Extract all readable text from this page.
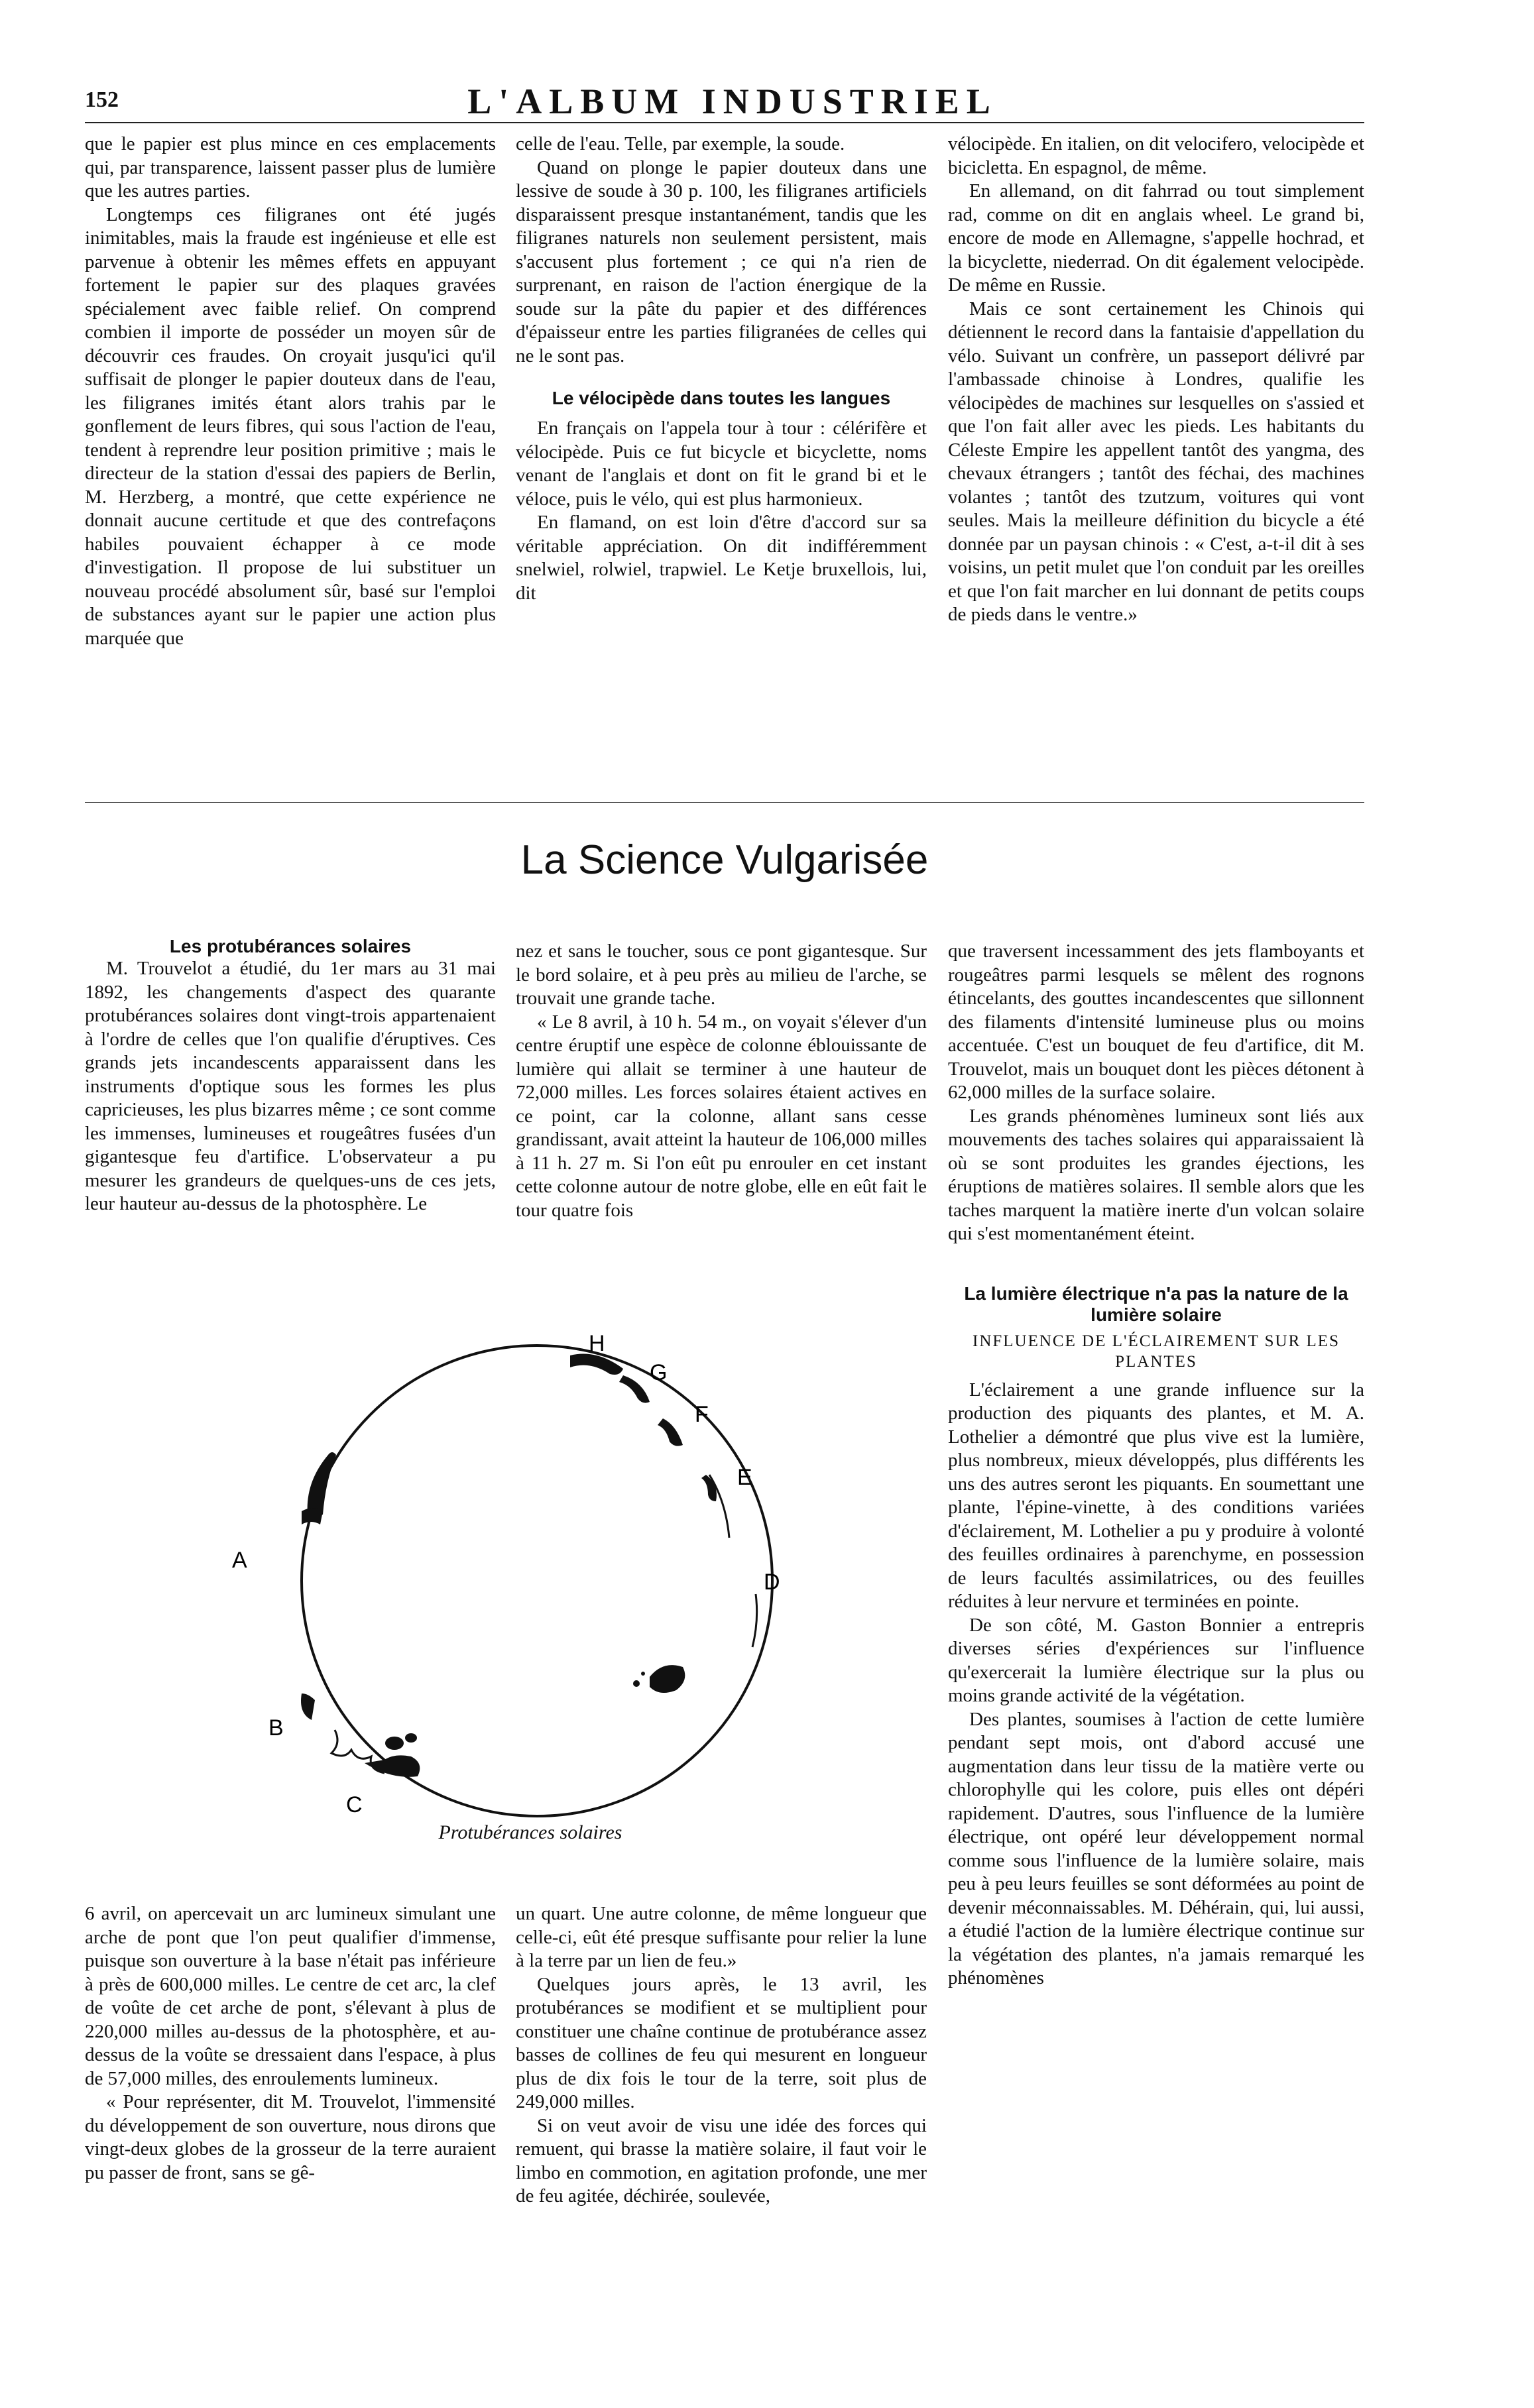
152	L'ALBUM INDUSTRIEL

que le papier est plus mince en ces emplacements qui, par transparence, laissent passer plus de lumière que les autres parties.

Longtemps ces filigranes ont été jugés inimitables, mais la fraude est ingénieuse et elle est parvenue à obtenir les mêmes effets en appuyant fortement le papier sur des plaques gravées spécialement avec faible relief. On comprend combien il importe de posséder un moyen sûr de découvrir ces fraudes. On croyait jusqu'ici qu'il suffisait de plonger le papier douteux dans de l'eau, les filigranes imités étant alors trahis par le gonflement de leurs fibres, qui sous l'action de l'eau, tendent à reprendre leur position primitive ; mais le directeur de la station d'essai des papiers de Berlin, M. Herzberg, a montré, que cette expérience ne donnait aucune certitude et que des contrefaçons habiles pouvaient échapper à ce mode d'investigation. Il propose de lui substituer un nouveau procédé absolument sûr, basé sur l'emploi de substances ayant sur le papier une action plus marquée que

celle de l'eau. Telle, par exemple, la soude.

Quand on plonge le papier douteux dans une lessive de soude à 30 p. 100, les filigranes artificiels disparaissent presque instantanément, tandis que les filigranes naturels non seulement persistent, mais s'accusent plus fortement ; ce qui n'a rien de surprenant, en raison de l'action énergique de la soude sur la pâte du papier et des différences d'épaisseur entre les parties filigranées de celles qui ne le sont pas.

Le vélocipède dans toutes les langues

En français on l'appela tour à tour : célérifère et vélocipède. Puis ce fut bicycle et bicyclette, noms venant de l'anglais et dont on fit le grand bi et le véloce, puis le vélo, qui est plus harmonieux.

En flamand, on est loin d'être d'accord sur sa véritable appréciation. On dit indifféremment snelwiel, rolwiel, trapwiel. Le Ketje bruxellois, lui, dit

vélocipède. En italien, on dit velocifero, velocipède et bicicletta. En espagnol, de même.

En allemand, on dit fahrrad ou tout simplement rad, comme on dit en anglais wheel. Le grand bi, encore de mode en Allemagne, s'appelle hochrad, et la bicyclette, niederrad. On dit également velocipède. De même en Russie.

Mais ce sont certainement les Chinois qui détiennent le record dans la fantaisie d'appellation du vélo. Suivant un confrère, un passeport délivré par l'ambassade chinoise à Londres, qualifie les vélocipèdes de machines sur lesquelles on s'assied et que l'on fait aller avec les pieds. Les habitants du Céleste Empire les appellent tantôt des yangma, des chevaux étrangers ; tantôt des féchai, des machines volantes ; tantôt des tzutzum, voitures qui vont seules. Mais la meilleure définition du bicycle a été donnée par un paysan chinois : « C'est, a-t-il dit à ses voisins, un petit mulet que l'on conduit par les oreilles et que l'on fait marcher en lui donnant de petits coups de pieds dans le ventre.»

La Science Vulgarisée

Les protubérances solaires

M. Trouvelot a étudié, du 1er mars au 31 mai 1892, les changements d'aspect des quarante protubérances solaires dont vingt-trois appartenaient à l'ordre de celles que l'on qualifie d'éruptives. Ces grands jets incandescents apparaissent dans les instruments d'optique sous les formes les plus capricieuses, les plus bizarres même ; ce sont comme les immenses, lumineuses et rougeâtres fusées d'un gigantesque feu d'artifice. L'observateur a pu mesurer les grandeurs de quelques-uns de ces jets, leur hauteur au-dessus de la photosphère. Le

nez et sans le toucher, sous ce pont gigantesque. Sur le bord solaire, et à peu près au milieu de l'arche, se trouvait une grande tache.

« Le 8 avril, à 10 h. 54 m., on voyait s'élever d'un centre éruptif une espèce de colonne éblouissante de lumière qui allait se terminer à une hauteur de 72,000 milles. Les forces solaires étaient actives en ce point, car la colonne, allant sans cesse grandissant, avait atteint la hauteur de 106,000 milles à 11 h. 27 m. Si l'on eût pu enrouler en cet instant cette colonne autour de notre globe, elle en eût fait le tour quatre fois

que traversent incessamment des jets flamboyants et rougeâtres parmi lesquels se mêlent des rognons étincelants, des gouttes incandescentes que sillonnent des filaments d'intensité lumineuse plus ou moins accentuée. C'est un bouquet de feu d'artifice, dit M. Trouvelot, mais un bouquet dont les pièces détonent à 62,000 milles de la surface solaire.

Les grands phénomènes lumineux sont liés aux mouvements des taches solaires qui apparaissaient là où se sont produites les grandes éjections, les éruptions de matières solaires. Il semble alors que les taches marquent la matière inerte d'un volcan solaire qui s'est momentanément éteint.

La lumière électrique n'a pas la nature de la lumière solaire

INFLUENCE DE L'ÉCLAIREMENT SUR LES PLANTES

L'éclairement a une grande influence sur la production des piquants des plantes, et M. A. Lothelier a démontré que plus vive est la lumière, plus nombreux, mieux développés, plus différents les uns des autres seront les piquants. En soumettant une plante, l'épine-vinette, à des conditions variées d'éclairement, M. Lothelier a pu y produire à volonté des feuilles ordinaires à parenchyme, en possession de leurs facultés assimilatrices, ou des feuilles réduites à leur nervure et terminées en pointe.

De son côté, M. Gaston Bonnier a entrepris diverses séries d'expériences sur l'influence qu'exercerait la lumière électrique sur la plus ou moins grande activité de la végétation.

Des plantes, soumises à l'action de cette lumière pendant sept mois, ont d'abord accusé une augmentation dans leur tissu de la matière verte ou chlorophylle qui les colore, puis elles ont dépéri rapidement. D'autres, sous l'influence de la lumière électrique, ont opéré leur développement normal comme sous l'influence de la lumière solaire, mais peu à peu leurs feuilles se sont déformées au point de devenir méconnaissables. M. Déhérain, qui, lui aussi, a étudié l'action de la lumière électrique continue sur la végétation des plantes, n'a jamais remarqué les phénomènes

H
G
F
E
D
A
B
C
Protubérances solaires

6 avril, on apercevait un arc lumineux simulant une arche de pont que l'on peut qualifier d'immense, puisque son ouverture à la base n'était pas inférieure à près de 600,000 milles. Le centre de cet arc, la clef de voûte de cet arche de pont, s'élevant à plus de 220,000 milles au-dessus de la photosphère, et au-dessus de la voûte se dressaient dans l'espace, à plus de 57,000 milles, des enroulements lumineux.

« Pour représenter, dit M. Trouvelot, l'immensité du développement de son ouverture, nous dirons que vingt-deux globes de la grosseur de la terre auraient pu passer de front, sans se gê-

un quart. Une autre colonne, de même longueur que celle-ci, eût été presque suffisante pour relier la lune à la terre par un lien de feu.»

Quelques jours après, le 13 avril, les protubérances se modifient et se multiplient pour constituer une chaîne continue de protubérance assez basses de collines de feu qui mesurent en longueur plus de dix fois le tour de la terre, soit plus de 249,000 milles.

Si on veut avoir de visu une idée des forces qui remuent, qui brasse la matière solaire, il faut voir le limbo en commotion, en agitation profonde, une mer de feu agitée, déchirée, soulevée,
